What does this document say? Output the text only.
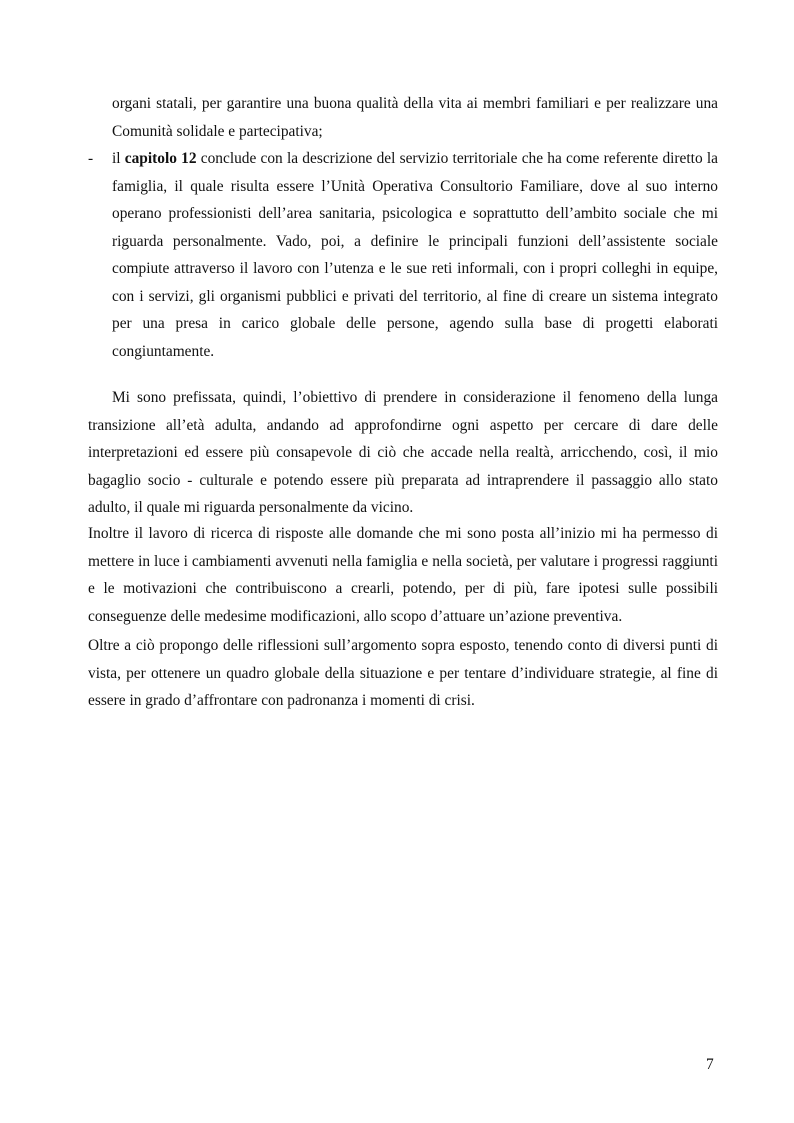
organi statali, per garantire una buona qualità della vita ai membri familiari e per realizzare una Comunità solidale e partecipativa;

- il capitolo 12 conclude con la descrizione del servizio territoriale che ha come referente diretto la famiglia, il quale risulta essere l’Unità Operativa Consultorio Familiare, dove al suo interno operano professionisti dell’area sanitaria, psicologica e soprattutto dell’ambito sociale che mi riguarda personalmente. Vado, poi, a definire le principali funzioni dell’assistente sociale compiute attraverso il lavoro con l’utenza e le sue reti informali, con i propri colleghi in equipe, con i servizi, gli organismi pubblici e privati del territorio, al fine di creare un sistema integrato per una presa in carico globale delle persone, agendo sulla base di progetti elaborati congiuntamente.

Mi sono prefissata, quindi, l’obiettivo di prendere in considerazione il fenomeno della lunga transizione all’età adulta, andando ad approfondirne ogni aspetto per cercare di dare delle interpretazioni ed essere più consapevole di ciò che accade nella realtà, arricchendo, così, il mio bagaglio socio - culturale e potendo essere più preparata ad intraprendere il passaggio allo stato adulto, il quale mi riguarda personalmente da vicino.

Inoltre il lavoro di ricerca di risposte alle domande che mi sono posta all’inizio mi ha permesso di mettere in luce i cambiamenti avvenuti nella famiglia e nella società, per valutare i progressi raggiunti e le motivazioni che contribuiscono a crearli, potendo, per di più, fare ipotesi sulle possibili conseguenze delle medesime modificazioni, allo scopo d’attuare un’azione preventiva.

Oltre a ciò propongo delle riflessioni sull’argomento sopra esposto, tenendo conto di diversi punti di vista, per ottenere un quadro globale della situazione e per tentare d’individuare strategie, al fine di essere in grado d’affrontare con padronanza i momenti di crisi.

7
